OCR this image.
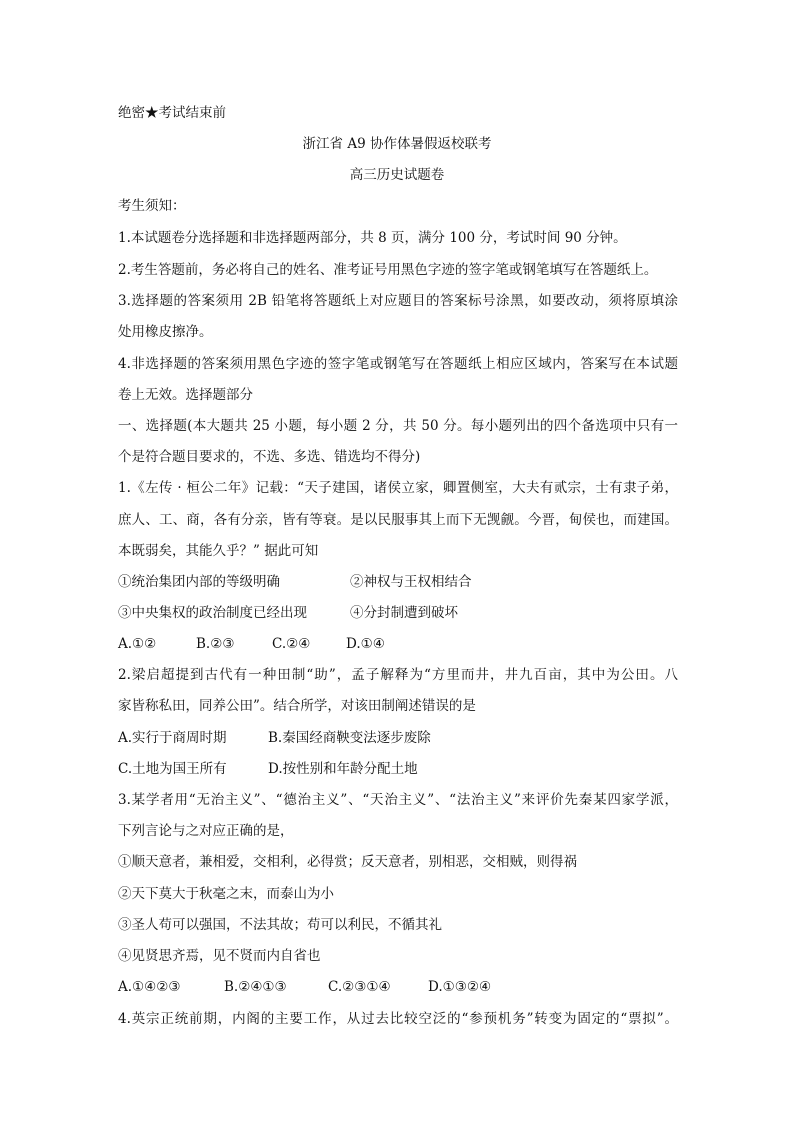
绝密★考试结束前
浙江省 A9 协作体暑假返校联考
高三历史试题卷
考生须知：
1.本试题卷分选择题和非选择题两部分，共 8 页，满分 100 分，考试时间 90 分钟。
2.考生答题前，务必将自己的姓名、准考证号用黑色字迹的签字笔或钢笔填写在答题纸上。
3.选择题的答案须用 2B 铅笔将答题纸上对应题目的答案标号涂黑，如要改动，须将原填涂
处用橡皮擦净。
4.非选择题的答案须用黑色字迹的签字笔或钢笔写在答题纸上相应区域内，答案写在本试题
卷上无效。选择题部分
一、选择题(本大题共 25 小题，每小题 2 分，共 50 分。每小题列出的四个备选项中只有一
个是符合题目要求的，不选、多选、错选均不得分)
1.《左传 · 桓公二年》记载：“天子建国，诸侯立家，卿置侧室，大夫有贰宗，士有隶子弟，
庶人、工、商，各有分亲，皆有等衰。是以民服事其上而下无觊觎。今晋，甸侯也，而建国。
本既弱矣，其能久乎？” 据此可知
①统治集团内部的等级明确	②神权与王权相结合
③中央集权的政治制度已经出现	④分封制遭到破坏
A.①②	B.②③	C.②④	D.①④
2.梁启超提到古代有一种田制“助”，孟子解释为“方里而井，井九百亩，其中为公田。八
家皆称私田，同养公田”。结合所学，对该田制阐述错误的是
A.实行于商周时期	B.秦国经商鞅变法逐步废除
C.土地为国王所有	D.按性别和年龄分配土地
3.某学者用“无治主义”、“德治主义”、“天治主义”、“法治主义”来评价先秦某四家学派，
下列言论与之对应正确的是，
①顺天意者，兼相爱，交相利，必得赏；反天意者，别相恶，交相贼，则得祸
②天下莫大于秋毫之末，而泰山为小
③圣人苟可以强国，不法其故；苟可以利民，不循其礼
④见贤思齐焉，见不贤而内自省也
A.①④②③	B.②④①③	C.②③①④	D.①③②④
4.英宗正统前期，内阁的主要工作，从过去比较空泛的“参预机务”转变为固定的“票拟”。
